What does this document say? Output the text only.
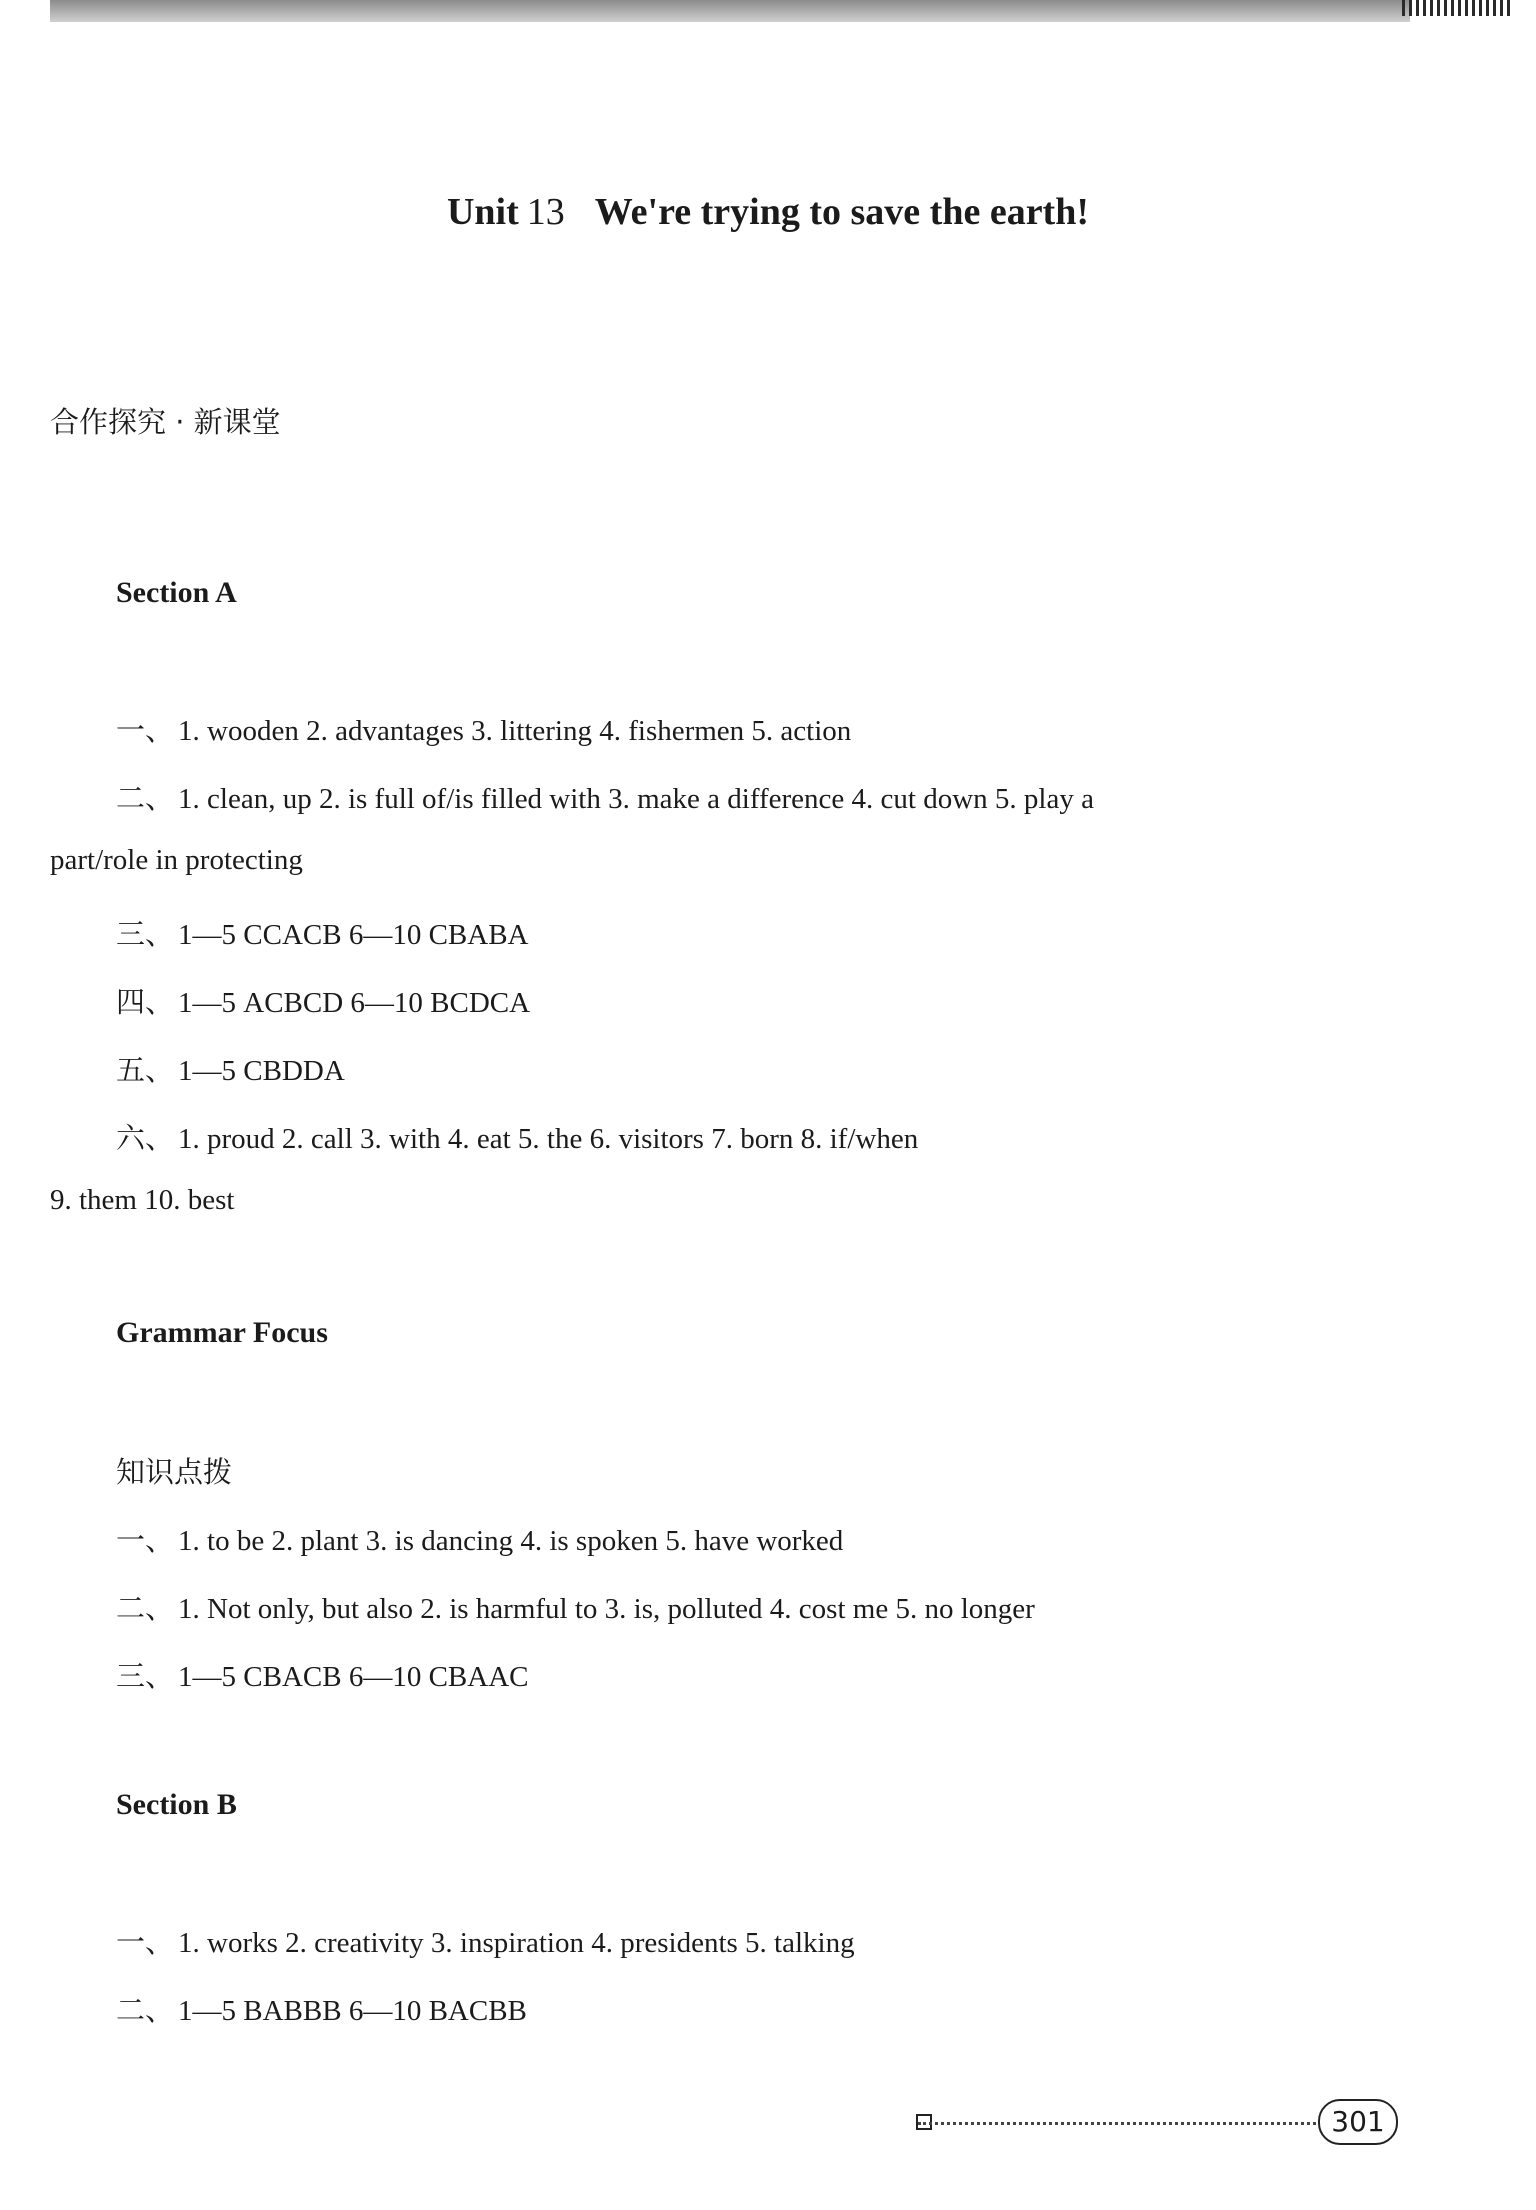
Unit 13 We're trying to save the earth!
合作探究 · 新课堂
Section A
一、 1. wooden 2. advantages 3. littering 4. fishermen 5. action
二、 1. clean, up 2. is full of/is filled with 3. make a difference 4. cut down 5. play a
part/role in protecting
三、 1—5 CCACB 6—10 CBABA
四、 1—5 ACBCD 6—10 BCDCA
五、 1—5 CBDDA
六、 1. proud 2. call 3. with 4. eat 5. the 6. visitors 7. born 8. if/when
9. them 10. best
Grammar Focus
知识点拨
一、 1. to be 2. plant 3. is dancing 4. is spoken 5. have worked
二、 1. Not only, but also 2. is harmful to 3. is, polluted 4. cost me 5. no longer
三、 1—5 CBACB 6—10 CBAAC
Section B
一、 1. works 2. creativity 3. inspiration 4. presidents 5. talking
二、 1—5 BABBB 6—10 BACBB
301
